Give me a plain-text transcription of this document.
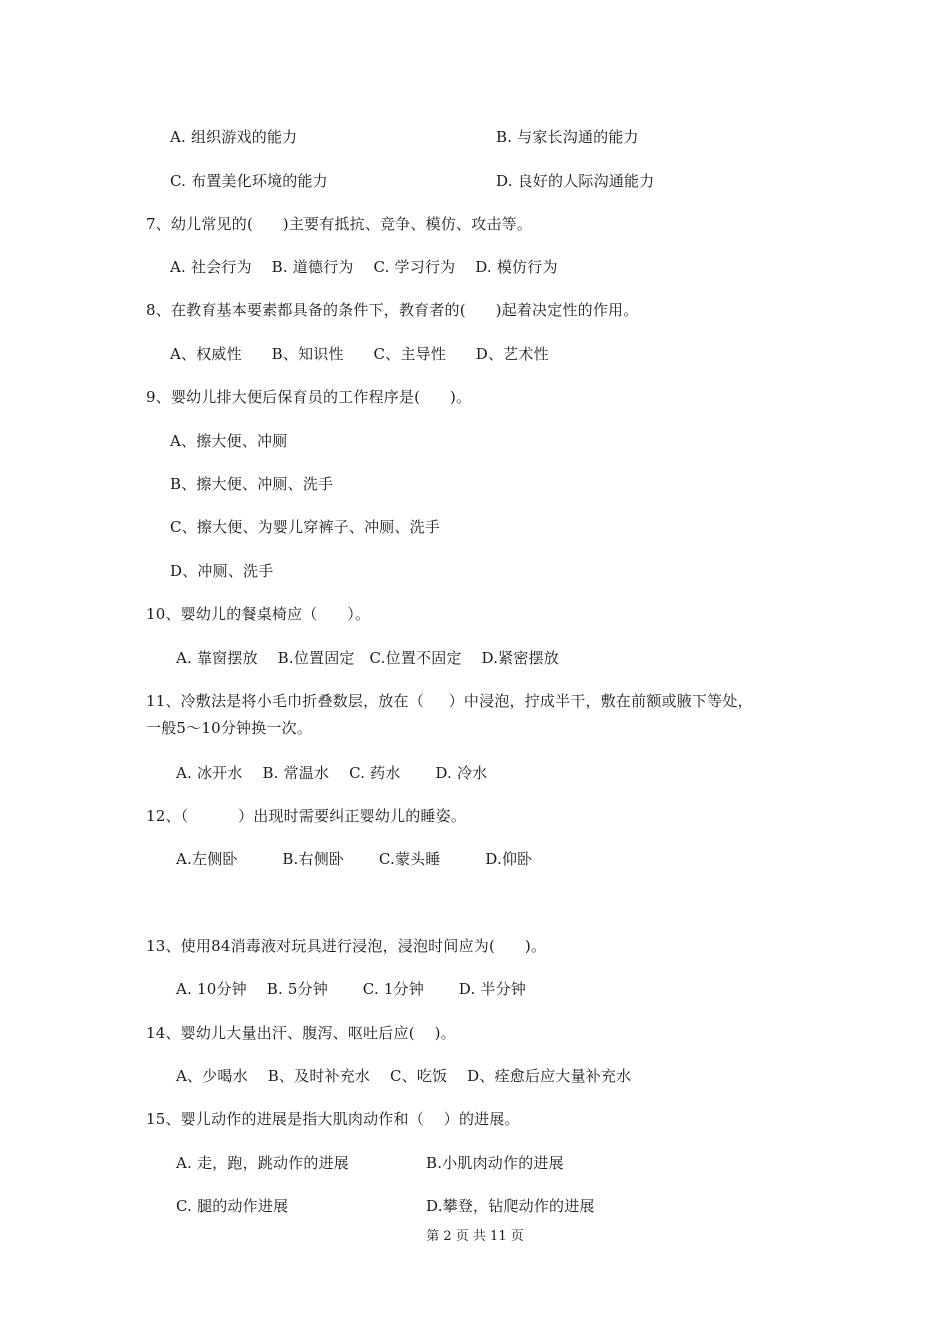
A. 组织游戏的能力	B. 与家长沟通的能力
C. 布置美化环境的能力	D. 良好的人际沟通能力
7、幼儿常见的(      )主要有抵抗、竞争、模仿、攻击等。
A. 社会行为    B. 道德行为    C. 学习行为    D. 模仿行为
8、在教育基本要素都具备的条件下，教育者的(      )起着决定性的作用。
A、权威性      B、知识性      C、主导性      D、艺术性
9、婴幼儿排大便后保育员的工作程序是(      )。
A、擦大便、冲厕
B、擦大便、冲厕、洗手
C、擦大便、为婴儿穿裤子、冲厕、洗手
D、冲厕、洗手
10、婴幼儿的餐桌椅应（      ）。
A. 靠窗摆放    B.位置固定   C.位置不固定    D.紧密摆放
11、冷敷法是将小毛巾折叠数层，放在（     ）中浸泡，拧成半干，敷在前额或腋下等处，
一般5～10分钟换一次。
A. 冰开水    B. 常温水    C. 药水       D. 冷水
12、（          ）出现时需要纠正婴幼儿的睡姿。
A.左侧卧         B.右侧卧       C.蒙头睡         D.仰卧
13、使用84消毒液对玩具进行浸泡，浸泡时间应为(      )。
A. 10分钟    B. 5分钟       C. 1分钟       D. 半分钟
14、婴幼儿大量出汗、腹泻、呕吐后应(    )。
A、少喝水    B、及时补充水    C、吃饭    D、痊愈后应大量补充水
15、婴儿动作的进展是指大肌肉动作和（    ）的进展。
A. 走，跑，跳动作的进展	B.小肌肉动作的进展
C. 腿的动作进展	D.攀登，钻爬动作的进展
第 2 页 共 11 页
